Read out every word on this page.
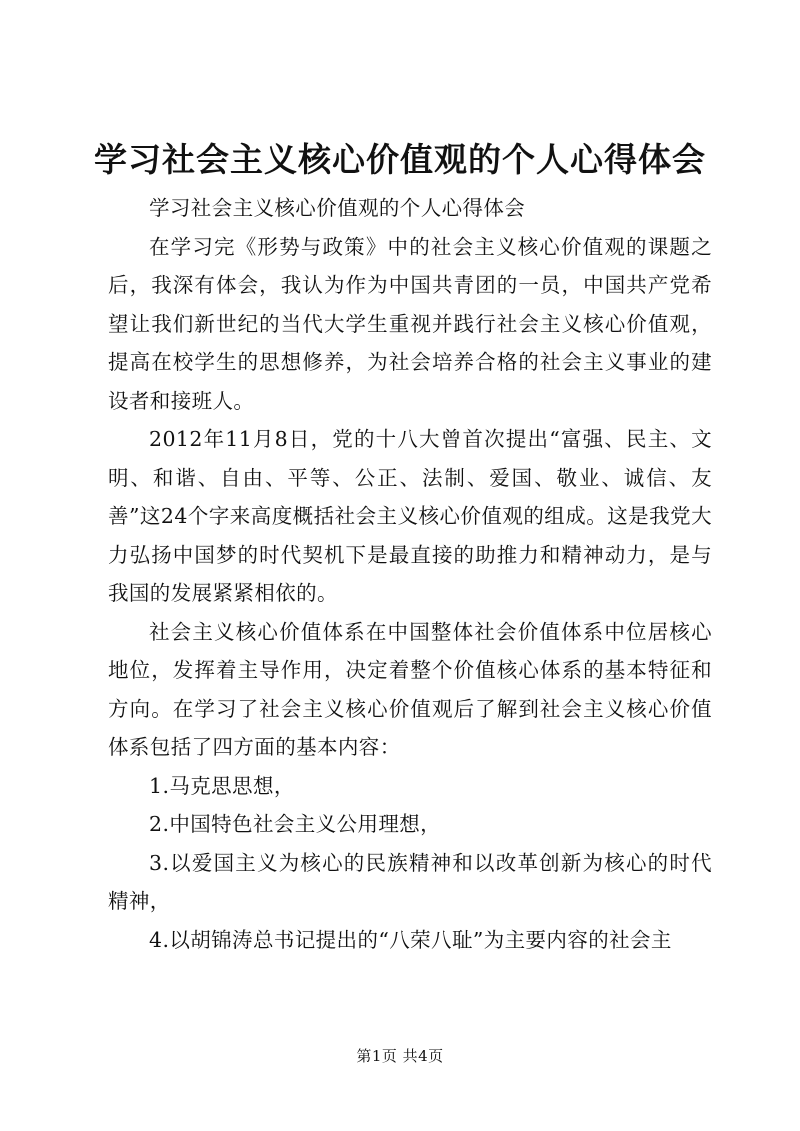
学习社会主义核心价值观的个人心得体会

学习社会主义核心价值观的个人心得体会

在学习完《形势与政策》中的社会主义核心价值观的课题之后，我深有体会，我认为作为中国共青团的一员，中国共产党希望让我们新世纪的当代大学生重视并践行社会主义核心价值观，提高在校学生的思想修养，为社会培养合格的社会主义事业的建设者和接班人。

2012年11月8日，党的十八大曾首次提出“富强、民主、文明、和谐、自由、平等、公正、法制、爱国、敬业、诚信、友善”这24个字来高度概括社会主义核心价值观的组成。这是我党大力弘扬中国梦的时代契机下是最直接的助推力和精神动力，是与我国的发展紧紧相依的。

社会主义核心价值体系在中国整体社会价值体系中位居核心地位，发挥着主导作用，决定着整个价值核心体系的基本特征和方向。在学习了社会主义核心价值观后了解到社会主义核心价值体系包括了四方面的基本内容：

1.马克思思想，

2.中国特色社会主义公用理想，

3.以爱国主义为核心的民族精神和以改革创新为核心的时代精神，

4.以胡锦涛总书记提出的“八荣八耻”为主要内容的社会主

第1页 共4页
